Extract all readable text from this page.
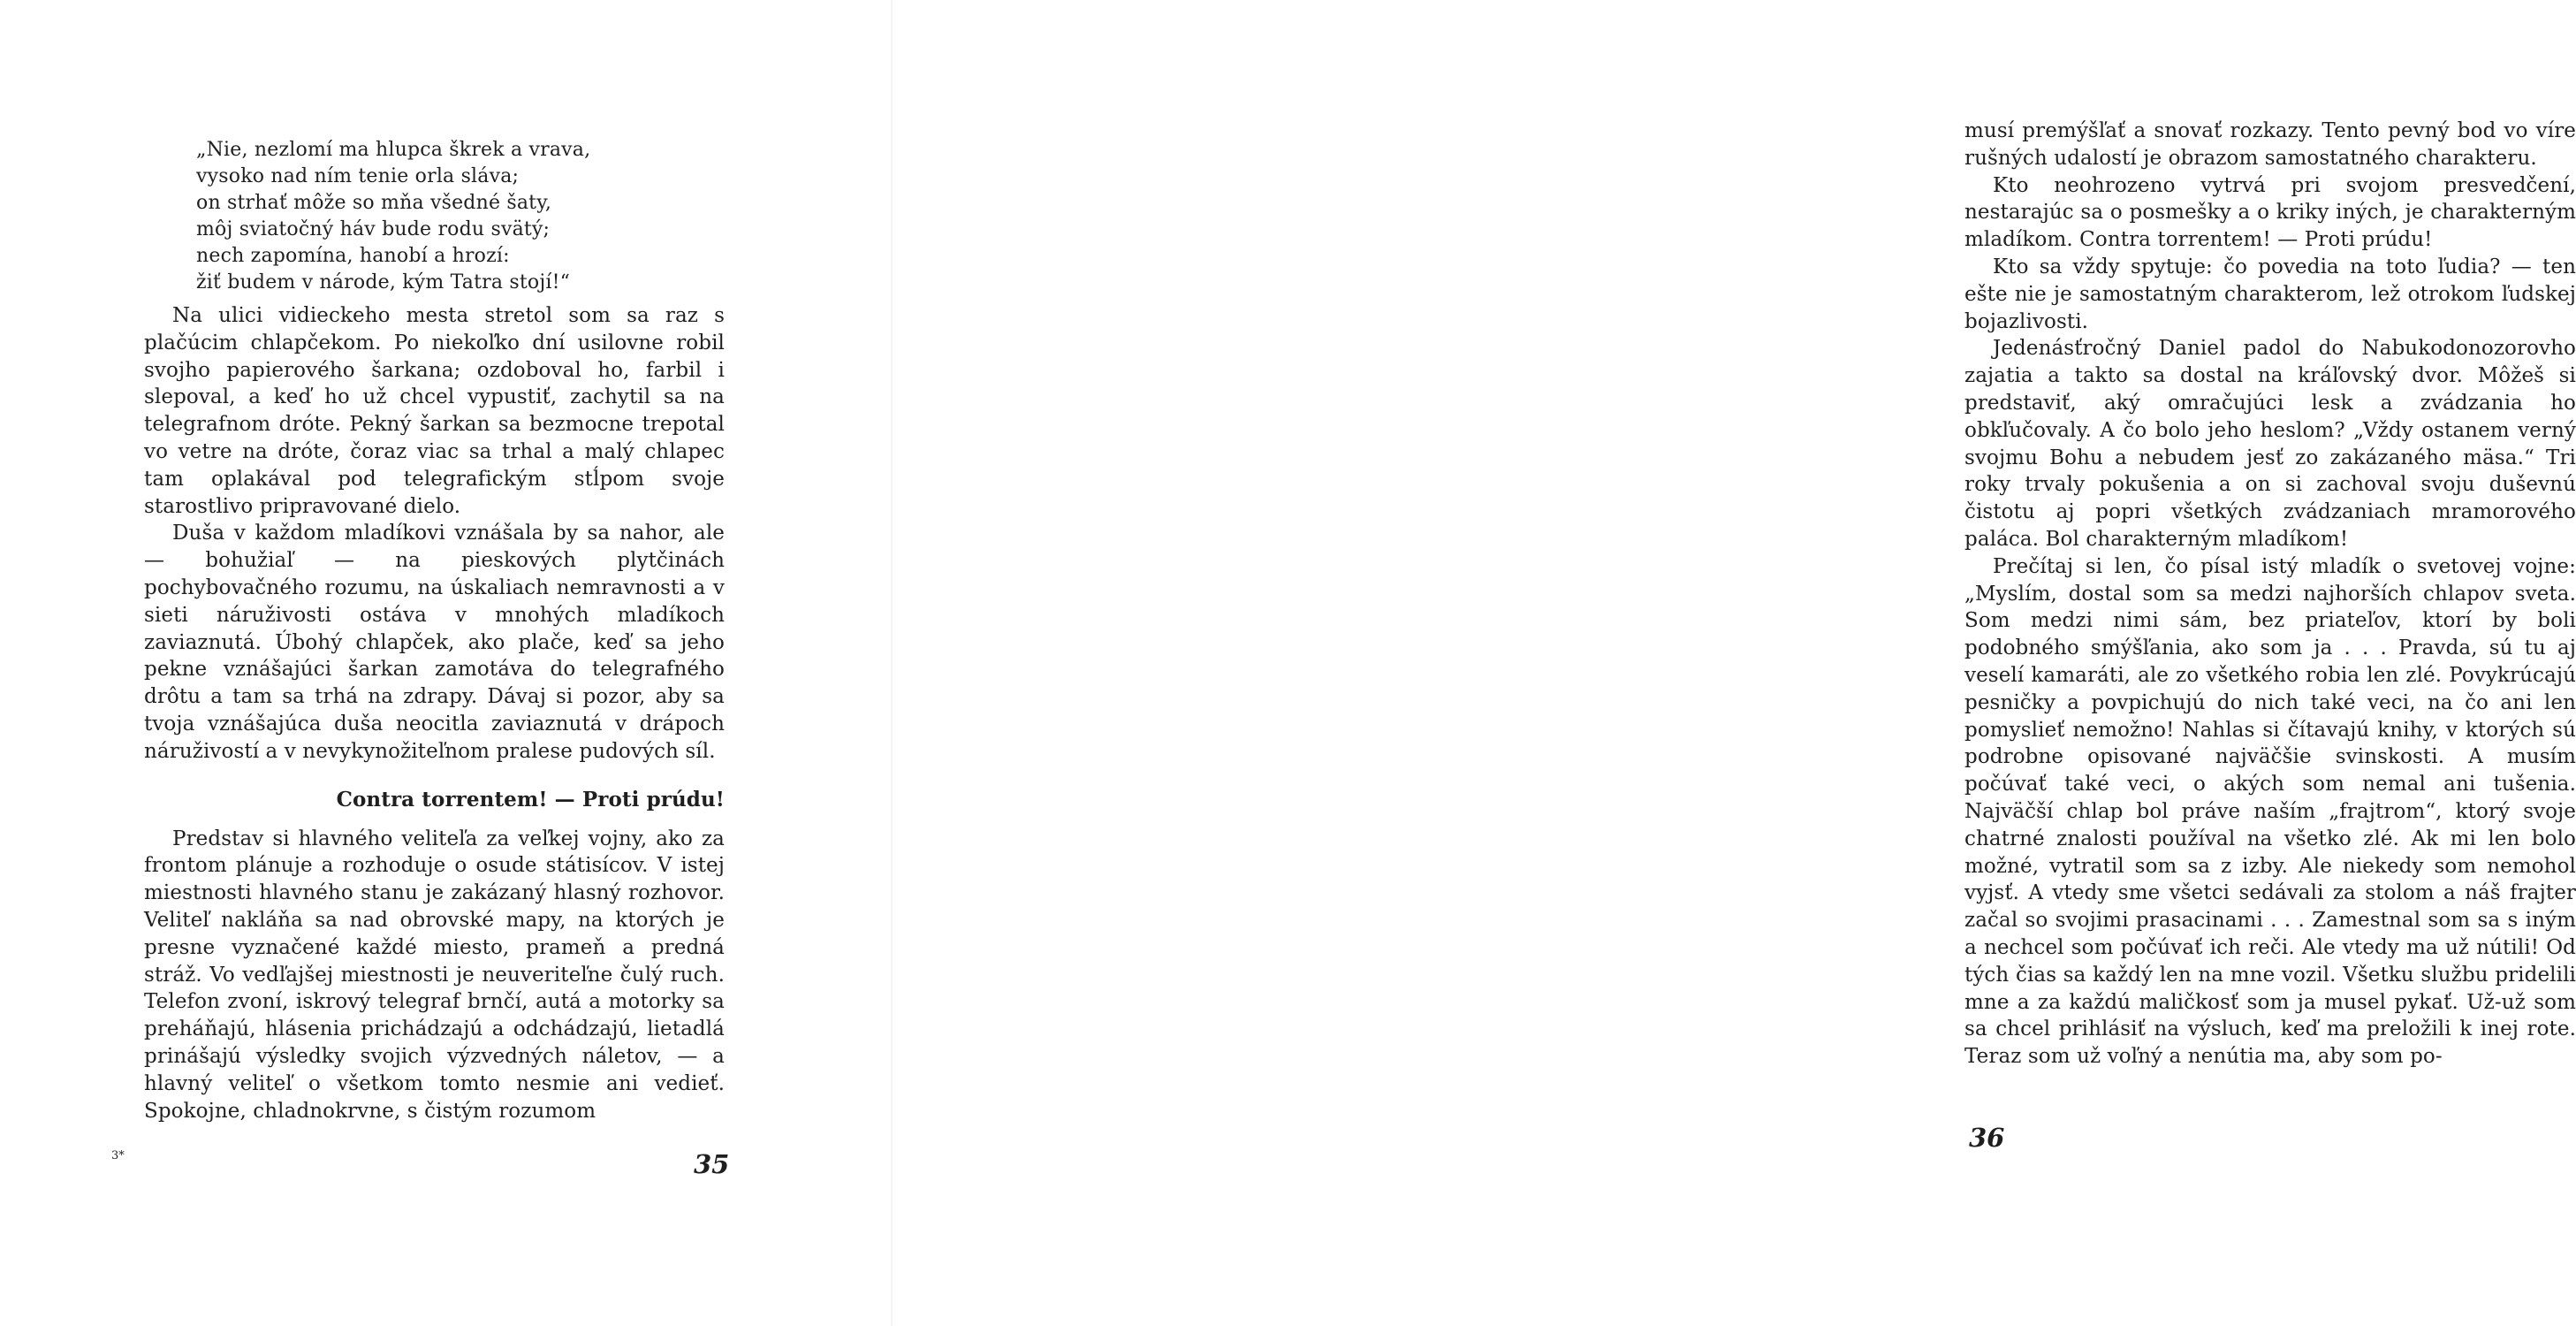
„Nie, nezlomí ma hlupca škrek a vrava,
vysoko nad ním tenie orla sláva;
on strhať môže so mňa všedné šaty,
môj sviatočný háv bude rodu svätý;
nech zapomína, hanobí a hrozí:
žiť budem v národe, kým Tatra stojí!“

Na ulici vidieckeho mesta stretol som sa raz s plačúcim chlapčekom. Po niekoľko dní usilovne robil svojho papierového šarkana; ozdoboval ho, farbil i slepoval, a keď ho už chcel vypustiť, zachytil sa na telegrafnom dróte. Pekný šarkan sa bezmocne trepotal vo vetre na dróte, čoraz viac sa trhal a malý chlapec tam oplakával pod telegrafickým stĺpom svoje starostlivo pripravované dielo.

Duša v každom mladíkovi vznášala by sa nahor, ale — bohužiaľ — na pieskových plytčinách pochybovačného rozumu, na úskaliach nemravnosti a v sieti náruživosti ostáva v mnohých mladíkoch zaviaznutá. Úbohý chlapček, ako plače, keď sa jeho pekne vznášajúci šarkan zamotáva do telegrafného drôtu a tam sa trhá na zdrapy. Dávaj si pozor, aby sa tvoja vznášajúca duša neocitla zaviaznutá v drápoch náruživostí a v nevykynožiteľnom pralese pudových síl.

Contra torrentem! — Proti prúdu!

Predstav si hlavného veliteľa za veľkej vojny, ako za frontom plánuje a rozhoduje o osude státisícov. V istej miestnosti hlavného stanu je zakázaný hlasný rozhovor. Veliteľ nakláňa sa nad obrovské mapy, na ktorých je presne vyznačené každé miesto, prameň a predná stráž. Vo vedľajšej miestnosti je neuveriteľne čulý ruch. Telefon zvoní, iskrový telegraf brnčí, autá a motorky sa preháňajú, hlásenia prichádzajú a odchádzajú, lietadlá prinášajú výsledky svojich výzvedných náletov, — a hlavný veliteľ o všetkom tomto nesmie ani vedieť. Spokojne, chladnokrvne, s čistým rozumom

3*	35

musí premýšľať a snovať rozkazy. Tento pevný bod vo víre rušných udalostí je obrazom samostatného charakteru.

Kto neohrozeno vytrvá pri svojom presvedčení, nestarajúc sa o posmešky a o kriky iných, je charakterným mladíkom. Contra torrentem! — Proti prúdu!

Kto sa vždy spytuje: čo povedia na toto ľudia? — ten ešte nie je samostatným charakterom, lež otrokom ľudskej bojazlivosti.

Jedenásťročný Daniel padol do Nabukodonozorovho zajatia a takto sa dostal na kráľovský dvor. Môžeš si predstaviť, aký omračujúci lesk a zvádzania ho obkľučovaly. A čo bolo jeho heslom? „Vždy ostanem verný svojmu Bohu a nebudem jesť zo zakázaného mäsa.“ Tri roky trvaly pokušenia a on si zachoval svoju duševnú čistotu aj popri všetkých zvádzaniach mramorového paláca. Bol charakterným mladíkom!

Prečítaj si len, čo písal istý mladík o svetovej vojne: „Myslím, dostal som sa medzi najhorších chlapov sveta. Som medzi nimi sám, bez priateľov, ktorí by boli podobného smýšľania, ako som ja . . . Pravda, sú tu aj veselí kamaráti, ale zo všetkého robia len zlé. Povykrúcajú pesničky a povpichujú do nich také veci, na čo ani len pomyslieť nemožno! Nahlas si čítavajú knihy, v ktorých sú podrobne opisované najväčšie svinskosti. A musím počúvať také veci, o akých som nemal ani tušenia. Najväčší chlap bol práve naším „frajtrom“, ktorý svoje chatrné znalosti používal na všetko zlé. Ak mi len bolo možné, vytratil som sa z izby. Ale niekedy som nemohol vyjsť. A vtedy sme všetci sedávali za stolom a náš frajter začal so svojimi prasacinami . . . Zamestnal som sa s iným a nechcel som počúvať ich reči. Ale vtedy ma už nútili! Od tých čias sa každý len na mne vozil. Všetku službu pridelili mne a za každú maličkosť som ja musel pykať. Už-už som sa chcel prihlásiť na výsluch, keď ma preložili k inej rote. Teraz som už voľný a nenútia ma, aby som po-

36
